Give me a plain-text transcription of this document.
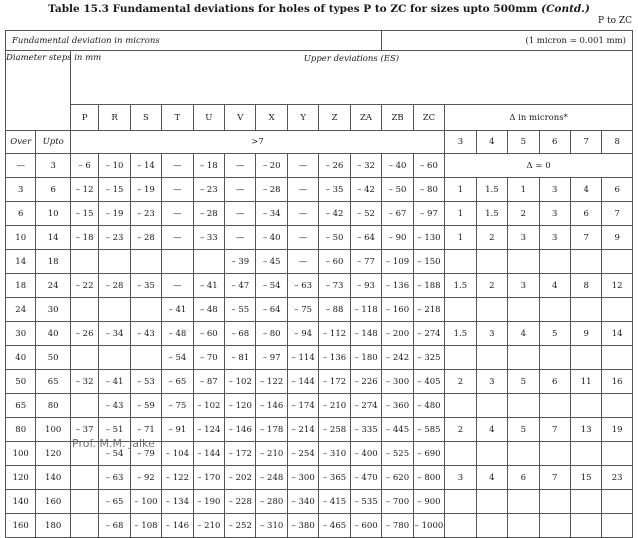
Table 15.3 Fundamental deviations for holes of types P to ZC for sizes upto 500mm (Contd.)
P to ZC
Fundamental deviation in microns												(1 micron = 0.001 mm)							
Diameter steps in mm		Upper deviations (ES)																	
		P	R	S	T	U	V	X	Y	Z	ZA	ZB	ZC	Δ in microns*					
Over	Upto	>7												3	4	5	6	7	8
—	3	– 6	– 10	– 14	—	– 18	—	– 20	—	– 26	– 32	– 40	– 60	Δ = 0					
3	6	– 12	– 15	– 19	—	– 23	—	– 28	—	– 35	– 42	– 50	– 80	1	1.5	1	3	4	6
6	10	– 15	– 19	– 23	—	– 28	—	– 34	—	– 42	– 52	– 67	– 97	1	1.5	2	3	6	7
10	14	– 18	– 23	– 28	—	– 33	—	– 40	—	– 50	– 64	– 90	– 130	1	2	3	3	7	9
14	18						– 39	– 45	—	– 60	– 77	– 109	– 150						
18	24	– 22	– 28	– 35	—	– 41	– 47	– 54	– 63	– 73	– 93	– 136	– 188	1.5	2	3	4	8	12
24	30				– 41	– 48	– 55	– 64	– 75	– 88	– 118	– 160	– 218						
30	40	– 26	– 34	– 43	– 48	– 60	– 68	– 80	– 94	– 112	– 148	– 200	– 274	1.5	3	4	5	9	14
40	50				– 54	– 70	– 81	– 97	– 114	– 136	– 180	– 242	– 325						
50	65	– 32	– 41	– 53	– 65	– 87	– 102	– 122	– 144	– 172	– 226	– 300	– 405	2	3	5	6	11	16
65	80		– 43	– 59	– 75	– 102	– 120	– 146	– 174	– 210	– 274	– 360	– 480						
80	100	– 37	– 51	– 71	– 91	– 124	– 146	– 178	– 214	– 258	– 335	– 445	– 585	2	4	5	7	13	19
100	120		– 54	– 79	– 104	– 144	– 172	– 210	– 254	– 310	– 400	– 525	– 690						
120	140		– 63	– 92	– 122	– 170	– 202	– 248	– 300	– 365	– 470	– 620	– 800	3	4	6	7	15	23
140	160		– 65	– 100	– 134	– 190	– 228	– 280	– 340	– 415	– 535	– 700	– 900						
160	180		– 68	– 108	– 146	– 210	– 252	– 310	– 380	– 465	– 600	– 780	– 1000						
Prof. M.M. Jalke
